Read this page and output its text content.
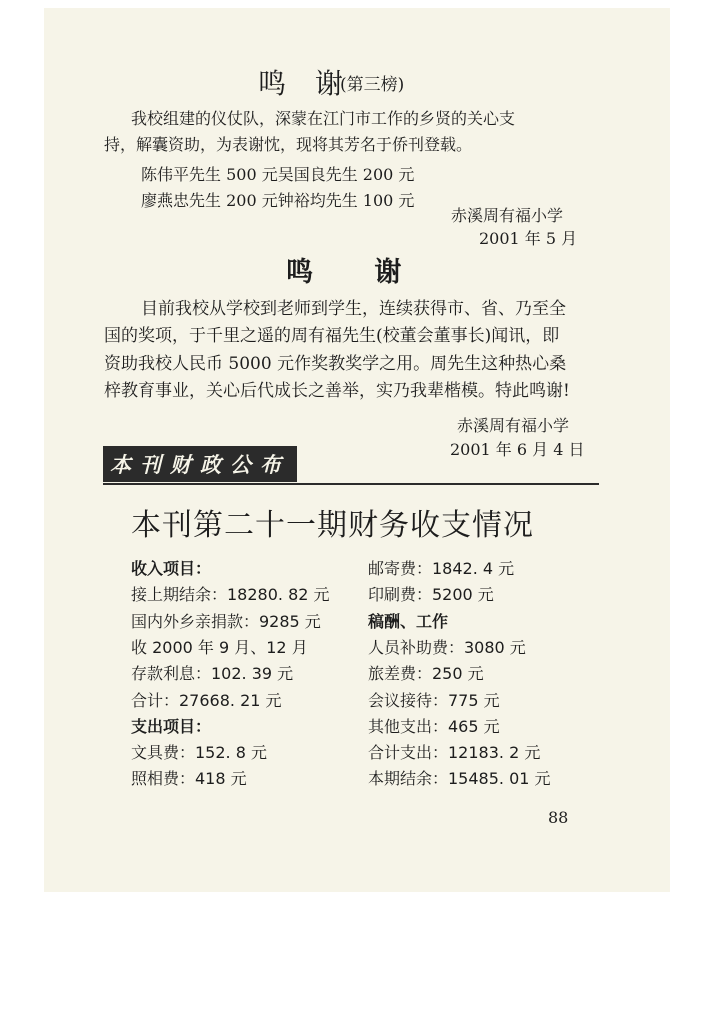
鸣 谢
(第三榜)
我校组建的仪仗队，深蒙在江门市工作的乡贤的关心支
持，解囊资助，为表谢忱，现将其芳名于侨刊登载。
陈伟平先生 500 元吴国良先生 200 元
廖燕忠先生 200 元钟裕均先生 100 元
赤溪周有福小学
2001 年 5 月
鸣 谢
目前我校从学校到老师到学生，连续获得市、省、乃至全
国的奖项，于千里之遥的周有福先生(校董会董事长)闻讯，即
资助我校人民币 5000 元作奖教奖学之用。周先生这种热心桑
梓教育事业，关心后代成长之善举，实乃我辈楷模。特此鸣谢!
赤溪周有福小学
2001 年 6 月 4 日
本刊财政公布
本刊第二十一期财务收支情况
收入项目：
接上期结余：18280. 82 元
国内外乡亲捐款：9285 元
收 2000 年 9 月、12 月
存款利息：102. 39 元
合计：27668. 21 元
支出项目：
文具费：152. 8 元
照相费：418 元
邮寄费：1842. 4 元
印刷费：5200 元
稿酬、工作
人员补助费：3080 元
旅差费：250 元
会议接待：775 元
其他支出：465 元
合计支出：12183. 2 元
本期结余：15485. 01 元
88
